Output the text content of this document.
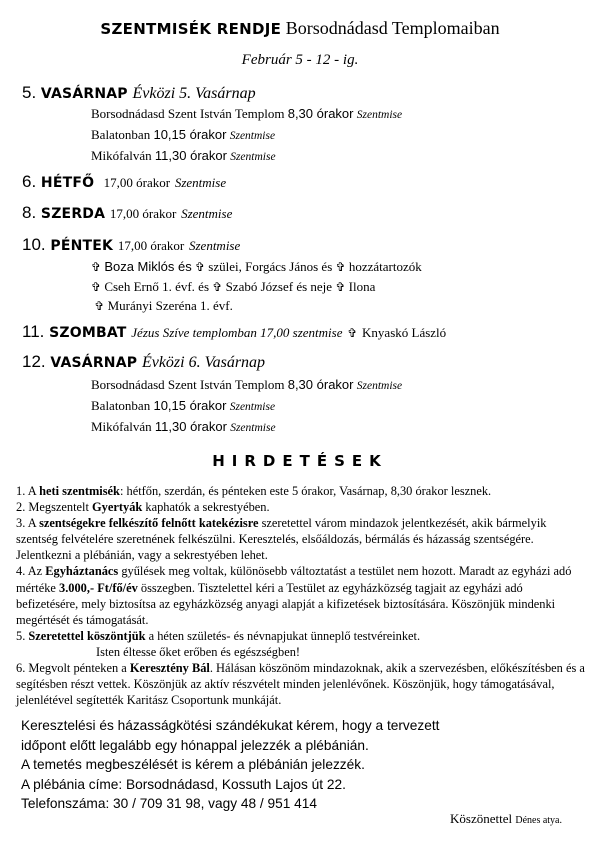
SZENTMISÉK RENDJE Borsodnádasd Templomaiban
Február 5 - 12 - ig.
5. VASÁRNAP Évközi 5. Vasárnap
Borsodnádasd Szent István Templom 8,30 órakor Szentmise
Balatonban 10,15 órakor Szentmise
Mikófalván 11,30 órakor Szentmise
6. HÉTFŐ 17,00 órakor Szentmise
8. SZERDA 17,00 órakor Szentmise
10. PÉNTEK 17,00 órakor Szentmise
✞ Boza Miklós és ✞ szülei, Forgács János és ✞ hozzátartozók
✞ Cseh Ernő 1. évf. és ✞ Szabó József és neje ✞ Ilona
✞ Murányi Szeréna 1. évf.
11. SZOMBAT Jézus Szíve templomban 17,00 szentmise ✞ Knyaskó László
12. VASÁRNAP Évközi 6. Vasárnap
Borsodnádasd Szent István Templom 8,30 órakor Szentmise
Balatonban 10,15 órakor Szentmise
Mikófalván 11,30 órakor Szentmise
HIRDETÉSEK

1. A heti szentmisék: hétfőn, szerdán, és pénteken este 5 órakor, Vasárnap, 8,30 órakor lesznek.

2. Megszentelt Gyertyák kaphatók a sekrestyében.

3. A szentségekre felkészítő felnőtt katekézisre szeretettel várom mindazok jelentkezését, akik bármelyik szentség felvételére szeretnének felkészülni. Keresztelés, elsőáldozás, bérmálás és házasság szentségére. Jelentkezni a plébánián, vagy a sekrestyében lehet.

4. Az Egyháztanács gyűlések meg voltak, különösebb változtatást a testület nem hozott. Maradt az egyházi adó mértéke 3.000,- Ft/fő/év összegben. Tisztelettel kéri a Testület az egyházközség tagjait az egyházi adó befizetésére, mely biztosítsa az egyházközség anyagi alapját a kifizetések biztosítására. Köszönjük mindenki megértését és támogatását.

5. Szeretettel köszöntjük a héten születés- és névnapjukat ünneplő testvéreinket.

Isten éltesse őket erőben és egészségben!

6. Megvolt pénteken a Keresztény Bál. Hálásan köszönöm mindazoknak, akik a szervezésben, előkészítésben és a segítésben részt vettek. Köszönjük az aktív részvételt minden jelenlévőnek. Köszönjük, hogy támogatásával, jelenlétével segítették Karitász Csoportunk munkáját.

Keresztelési és házasságkötési szándékukat kérem, hogy a tervezett
időpont előtt legalább egy hónappal jelezzék a plébánián.
A temetés megbeszélését is kérem a plébánián jelezzék.
A plébánia címe: Borsodnádasd, Kossuth Lajos út 22.
Telefonszáma: 30 / 709 31 98, vagy 48 / 951 414
Köszönettel Dénes atya.
